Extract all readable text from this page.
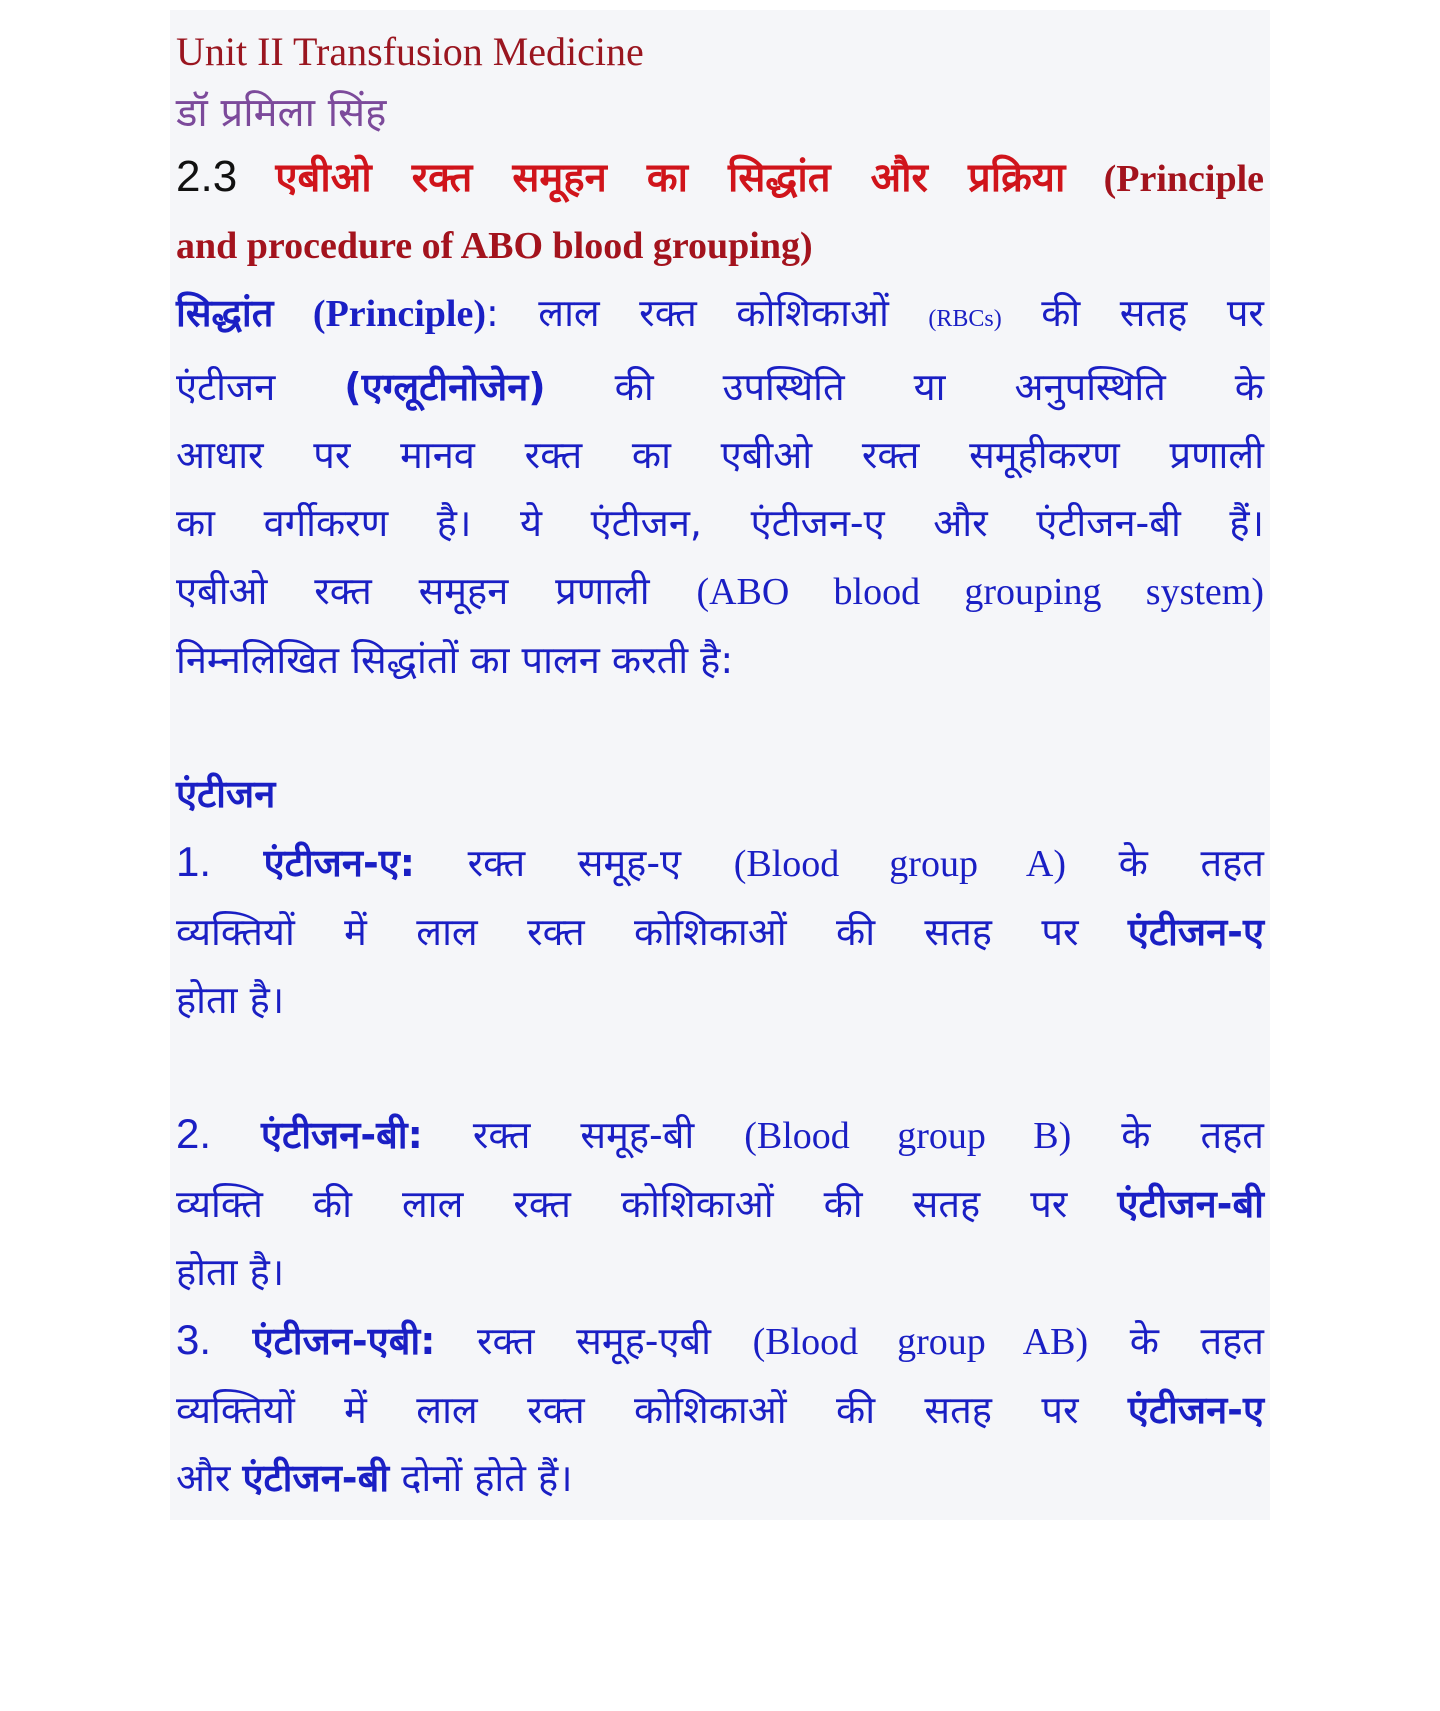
Unit II Transfusion Medicine
डॉ प्रमिला सिंह
2.3 एबीओ रक्त समूहन का सिद्धांत और प्रक्रिया (Principle
and procedure of ABO blood grouping)
सिद्धांत (Principle): लाल रक्त कोशिकाओं (RBCs) की सतह पर
एंटीजन (एग्लूटीनोजेन) की उपस्थिति या अनुपस्थिति के
आधार पर मानव रक्त का एबीओ रक्त समूहीकरण प्रणाली
का वर्गीकरण है। ये एंटीजन, एंटीजन-ए और एंटीजन-बी हैं।
एबीओ रक्त समूहन प्रणाली (ABO blood grouping system)
निम्नलिखित सिद्धांतों का पालन करती है:
एंटीजन
1. एंटीजन-ए: रक्त समूह-ए (Blood group A) के तहत
व्यक्तियों में लाल रक्त कोशिकाओं की सतह पर एंटीजन-ए
होता है।
2. एंटीजन-बी: रक्त समूह-बी (Blood group B) के तहत
व्यक्ति की लाल रक्त कोशिकाओं की सतह पर एंटीजन-बी
होता है।
3. एंटीजन-एबी: रक्त समूह-एबी (Blood group AB) के तहत
व्यक्तियों में लाल रक्त कोशिकाओं की सतह पर एंटीजन-ए
और एंटीजन-बी दोनों होते हैं।
